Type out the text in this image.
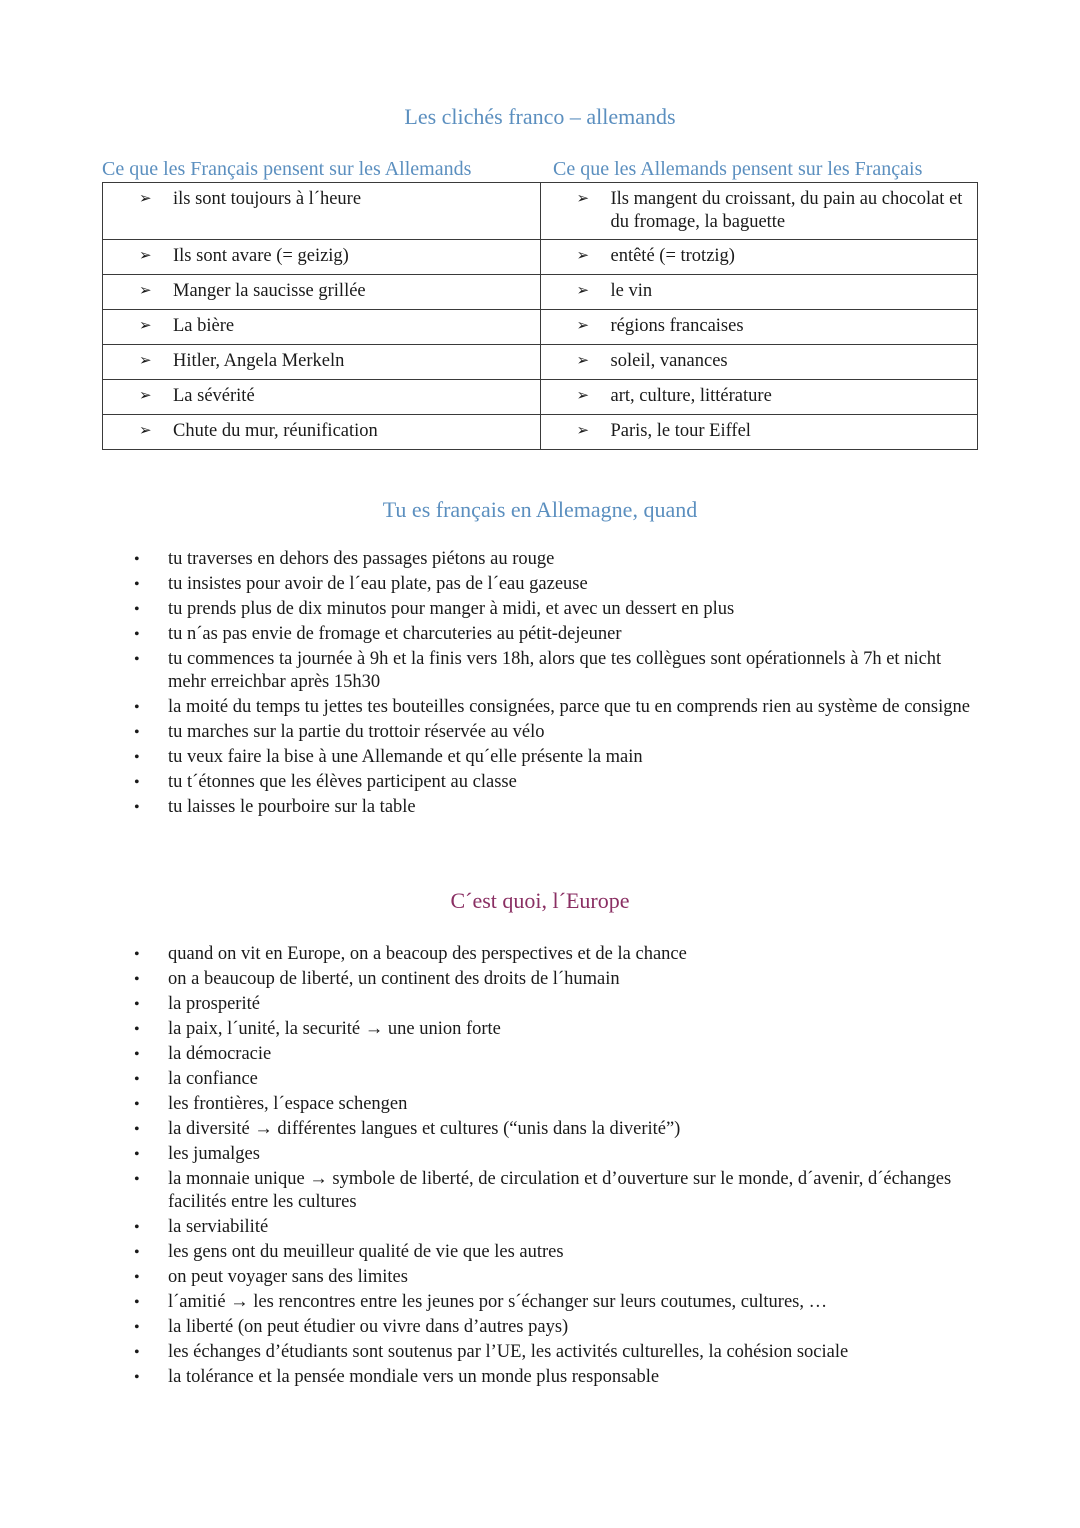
Les clichés franco – allemands
Ce que les Français pensent sur les Allemands	Ce que les Allemands pensent sur les Français
➢ ils sont toujours à l´heure	➢ Ils mangent du croissant, du pain au chocolat et du fromage, la baguette

➢ Ils sont avare (= geizig)	➢ entêté (= trotzig)

➢ Manger la saucisse grillée	➢ le vin

➢ La bière	➢ régions francaises

➢ Hitler, Angela Merkeln	➢ soleil, vanances

➢ La sévérité	➢ art, culture, littérature

➢ Chute du mur, réunification	➢ Paris, le tour Eiffel
Tu es français en Allemagne, quand
• tu traverses en dehors des passages piétons au rouge
• tu insistes pour avoir de l´eau plate, pas de l´eau gazeuse
• tu prends plus de dix minutos pour manger à midi, et avec un dessert en plus
• tu n´as pas envie de fromage et charcuteries au pétit-dejeuner
• tu commences ta journée à 9h et la finis vers 18h, alors que tes collègues sont opérationnels à 7h et nicht mehr erreichbar après 15h30
• la moité du temps tu jettes tes bouteilles consignées, parce que tu en comprends rien au système de consigne
• tu marches sur la partie du trottoir réservée au vélo
• tu veux faire la bise à une Allemande et qu´elle présente la main
• tu t´étonnes que les élèves participent au classe
• tu laisses le pourboire sur la table
C´est quoi, l´Europe
• quand on vit en Europe, on a beacoup des perspectives et de la chance
• on a beaucoup de liberté, un continent des droits de l´humain
• la prosperité
• la paix, l´unité, la securité → une union forte
• la démocracie
• la confiance
• les frontières, l´espace schengen
• la diversité → différentes langues et cultures (“unis dans la diverité”)
• les jumalges
• la monnaie unique → symbole de liberté, de circulation et d’ouverture sur le monde, d´avenir, d´échanges facilités entre les cultures
• la serviabilité
• les gens ont du meuilleur qualité de vie que les autres
• on peut voyager sans des limites
• l´amitié → les rencontres entre les jeunes por s´échanger sur leurs coutumes, cultures, …
• la liberté (on peut étudier ou vivre dans d’autres pays)
• les échanges d’étudiants sont soutenus par l’UE, les activités culturelles, la cohésion sociale
• la tolérance et la pensée mondiale vers un monde plus responsable
